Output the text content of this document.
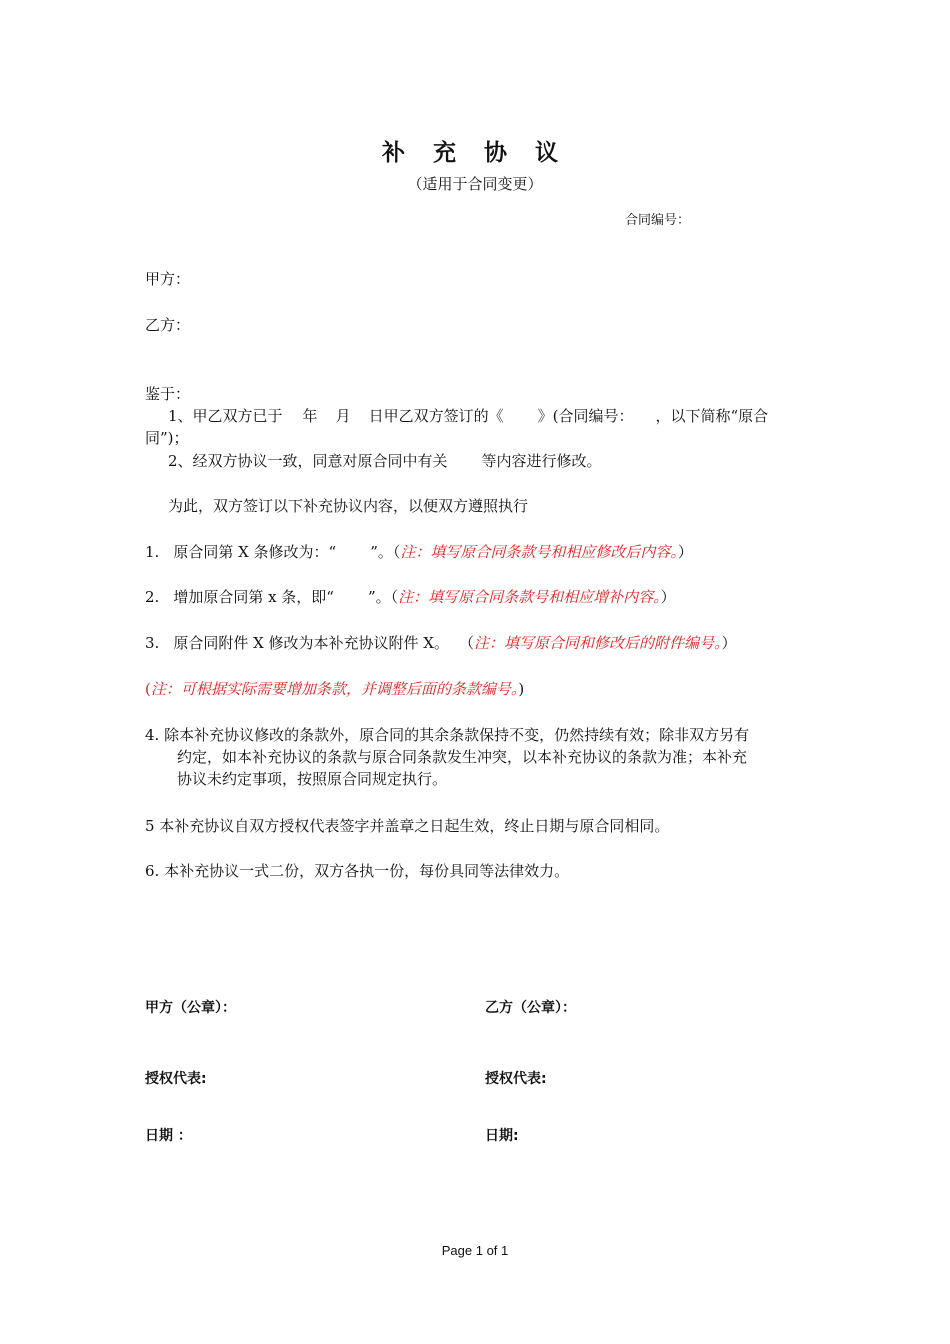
补 充 协 议
（适用于合同变更）
合同编号：
甲方：
乙方：
鉴于：
1、甲乙双方已于 年 月 日甲乙双方签订的《 》(合同编号： ，以下简称“原合
同”)；
2、经双方协议一致，同意对原合同中有关 等内容进行修改。
为此，双方签订以下补充协议内容，以便双方遵照执行
1. 原合同第 X 条修改为：“ ”。（注：填写原合同条款号和相应修改后内容。）
2. 增加原合同第 x 条，即“ ”。（注：填写原合同条款号和相应增补内容。）
3. 原合同附件 X 修改为本补充协议附件 X。 （注：填写原合同和修改后的附件编号。）
(注：可根据实际需要增加条款，并调整后面的条款编号。)
4. 除本补充协议修改的条款外，原合同的其余条款保持不变，仍然持续有效；除非双方另有
约定，如本补充协议的条款与原合同条款发生冲突，以本补充协议的条款为准；本补充
协议未约定事项，按照原合同规定执行。
5 本补充协议自双方授权代表签字并盖章之日起生效，终止日期与原合同相同。
6. 本补充协议一式二份，双方各执一份，每份具同等法律效力。
甲方（公章）：	乙方（公章）：
授权代表:	授权代表:
日期 ：	日期:
Page 1 of 1
